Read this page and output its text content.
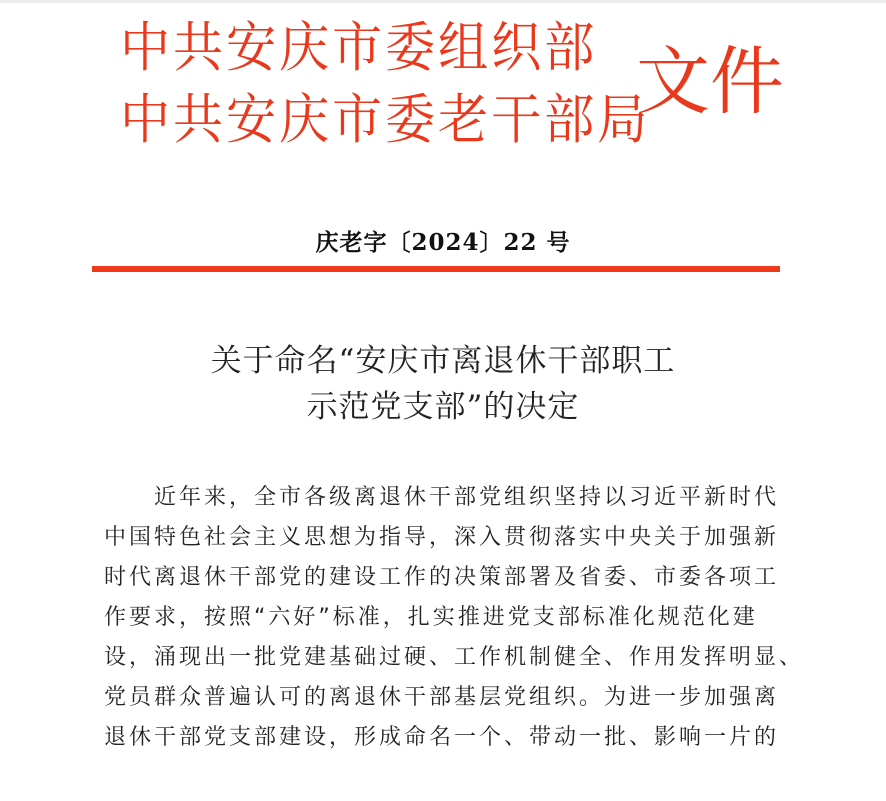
中共安庆市委组织部
中共安庆市委老干部局
文件
庆老字〔2024〕22 号
关于命名“安庆市离退休干部职工
示范党支部”的决定
　　近年来，全市各级离退休干部党组织坚持以习近平新时代
中国特色社会主义思想为指导，深入贯彻落实中央关于加强新
时代离退休干部党的建设工作的决策部署及省委、市委各项工
作要求，按照“六好”标准，扎实推进党支部标准化规范化建
设，涌现出一批党建基础过硬、工作机制健全、作用发挥明显、
党员群众普遍认可的离退休干部基层党组织。为进一步加强离
退休干部党支部建设，形成命名一个、带动一批、影响一片的
